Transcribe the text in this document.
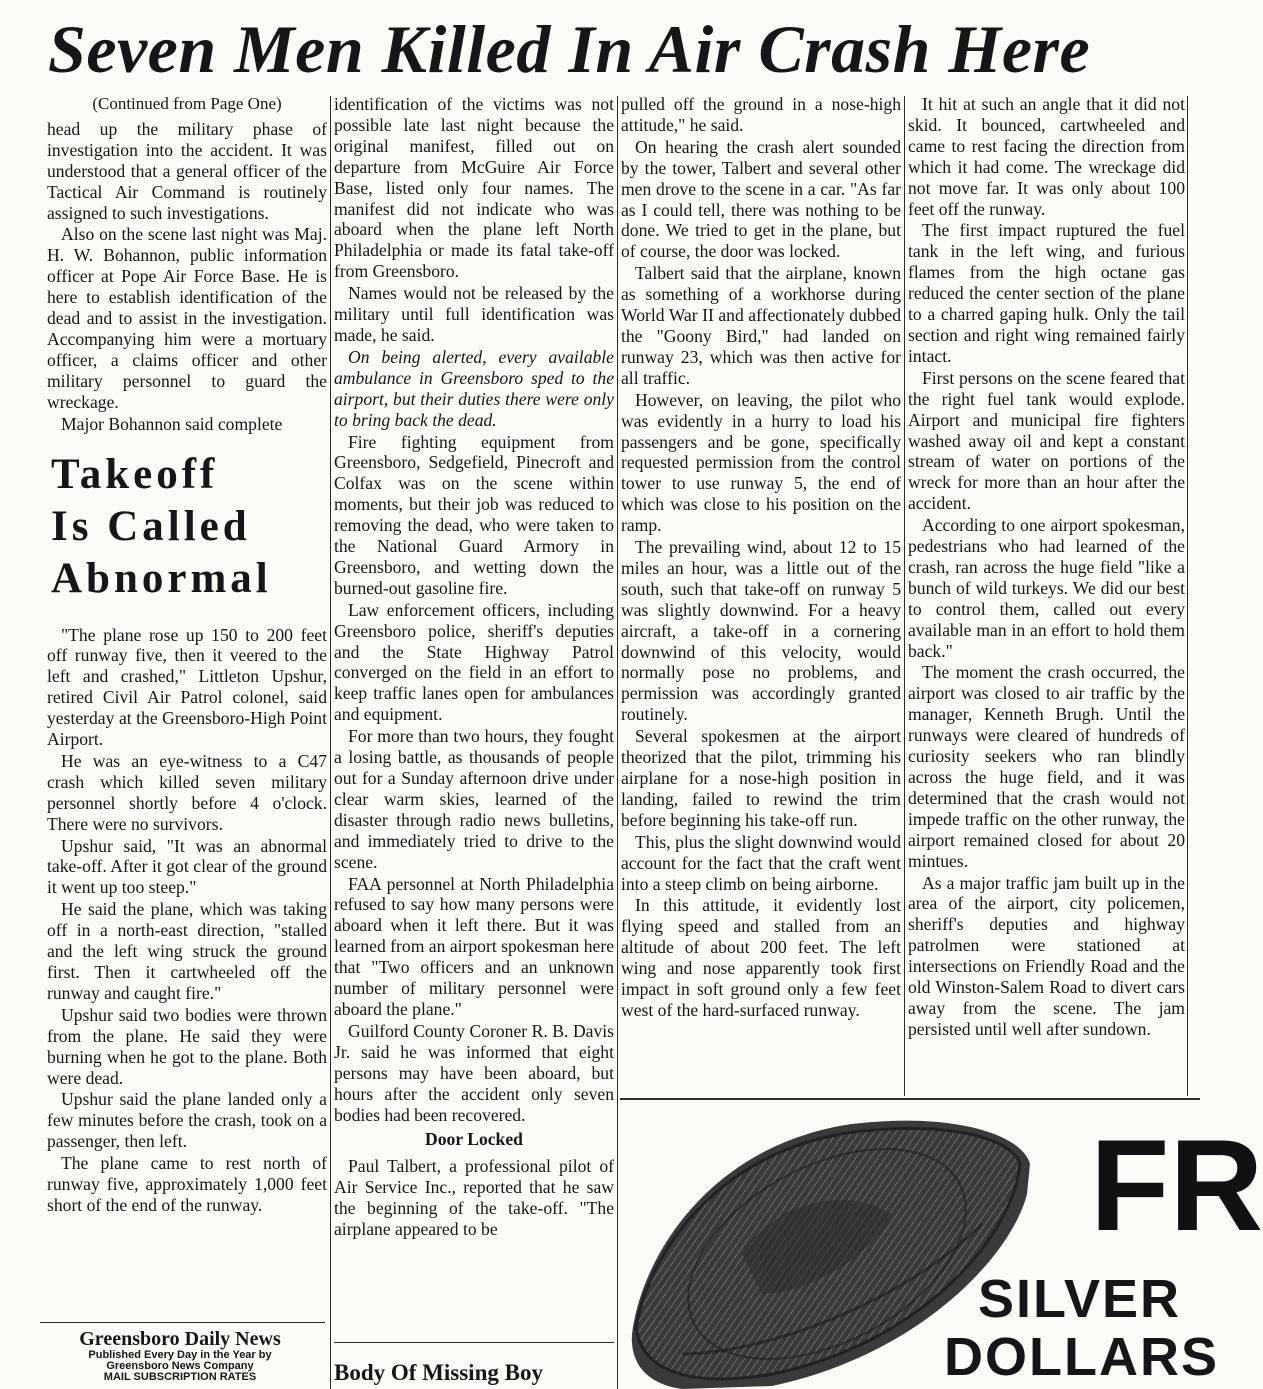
Seven Men Killed In Air Crash Here

(Continued from Page One)

head up the military phase of investigation into the accident. It was understood that a general officer of the Tactical Air Command is routinely assigned to such investigations.

Also on the scene last night was Maj. H. W. Bohannon, public information officer at Pope Air Force Base. He is here to establish identification of the dead and to assist in the investigation. Accompanying him were a mortuary officer, a claims officer and other military personnel to guard the wreckage.

Major Bohannon said complete

Takeoff
Is Called
Abnormal

"The plane rose up 150 to 200 feet off runway five, then it veered to the left and crashed," Littleton Upshur, retired Civil Air Patrol colonel, said yesterday at the Greensboro-High Point Airport.

He was an eye-witness to a C47 crash which killed seven military personnel shortly before 4 o'clock. There were no survivors.

Upshur said, "It was an abnormal take-off. After it got clear of the ground it went up too steep."

He said the plane, which was taking off in a north-east direction, "stalled and the left wing struck the ground first. Then it cartwheeled off the runway and caught fire."

Upshur said two bodies were thrown from the plane. He said they were burning when he got to the plane. Both were dead.

Upshur said the plane landed only a few minutes before the crash, took on a passenger, then left.

The plane came to rest north of runway five, approximately 1,000 feet short of the end of the runway.

Greensboro Daily News
Published Every Day in the Year by
Greensboro News Company
MAIL SUBSCRIPTION RATES

identification of the victims was not possible late last night because the original manifest, filled out on departure from McGuire Air Force Base, listed only four names. The manifest did not indicate who was aboard when the plane left North Philadelphia or made its fatal take-off from Greensboro.

Names would not be released by the military until full identification was made, he said.

On being alerted, every available ambulance in Greensboro sped to the airport, but their duties there were only to bring back the dead.

Fire fighting equipment from Greensboro, Sedgefield, Pinecroft and Colfax was on the scene within moments, but their job was reduced to removing the dead, who were taken to the National Guard Armory in Greensboro, and wetting down the burned-out gasoline fire.

Law enforcement officers, including Greensboro police, sheriff's deputies and the State Highway Patrol converged on the field in an effort to keep traffic lanes open for ambulances and equipment.

For more than two hours, they fought a losing battle, as thousands of people out for a Sunday afternoon drive under clear warm skies, learned of the disaster through radio news bulletins, and immediately tried to drive to the scene.

FAA personnel at North Philadelphia refused to say how many persons were aboard when it left there. But it was learned from an airport spokesman here that "Two officers and an unknown number of military personnel were aboard the plane."

Guilford County Coroner R. B. Davis Jr. said he was informed that eight persons may have been aboard, but hours after the accident only seven bodies had been recovered.

Door Locked

Paul Talbert, a professional pilot of Air Service Inc., reported that he saw the beginning of the take-off. "The airplane appeared to be

Body Of Missing Boy

pulled off the ground in a nose-high attitude," he said.

On hearing the crash alert sounded by the tower, Talbert and several other men drove to the scene in a car. "As far as I could tell, there was nothing to be done. We tried to get in the plane, but of course, the door was locked.

Talbert said that the airplane, known as something of a workhorse during World War II and affectionately dubbed the "Goony Bird," had landed on runway 23, which was then active for all traffic.

However, on leaving, the pilot who was evidently in a hurry to load his passengers and be gone, specifically requested permission from the control tower to use runway 5, the end of which was close to his position on the ramp.

The prevailing wind, about 12 to 15 miles an hour, was a little out of the south, such that take-off on runway 5 was slightly downwind. For a heavy aircraft, a take-off in a cornering downwind of this velocity, would normally pose no problems, and permission was accordingly granted routinely.

Several spokesmen at the airport theorized that the pilot, trimming his airplane for a nose-high position in landing, failed to rewind the trim before beginning his take-off run.

This, plus the slight downwind would account for the fact that the craft went into a steep climb on being airborne.

In this attitude, it evidently lost flying speed and stalled from an altitude of about 200 feet. The left wing and nose apparently took first impact in soft ground only a few feet west of the hard-surfaced runway.

It hit at such an angle that it did not skid. It bounced, cartwheeled and came to rest facing the direction from which it had come. The wreckage did not move far. It was only about 100 feet off the runway.

The first impact ruptured the fuel tank in the left wing, and furious flames from the high octane gas reduced the center section of the plane to a charred gaping hulk. Only the tail section and right wing remained fairly intact.

First persons on the scene feared that the right fuel tank would explode. Airport and municipal fire fighters washed away oil and kept a constant stream of water on portions of the wreck for more than an hour after the accident.

According to one airport spokesman, pedestrians who had learned of the crash, ran across the huge field "like a bunch of wild turkeys. We did our best to control them, called out every available man in an effort to hold them back."

The moment the crash occurred, the airport was closed to air traffic by the manager, Kenneth Brugh. Until the runways were cleared of hundreds of curiosity seekers who ran blindly across the huge field, and it was determined that the crash would not impede traffic on the other runway, the airport remained closed for about 20 mintues.

As a major traffic jam built up in the area of the airport, city policemen, sheriff's deputies and highway patrolmen were stationed at intersections on Friendly Road and the old Winston-Salem Road to divert cars away from the scene. The jam persisted until well after sundown.

FR
SILVER
DOLLARS
